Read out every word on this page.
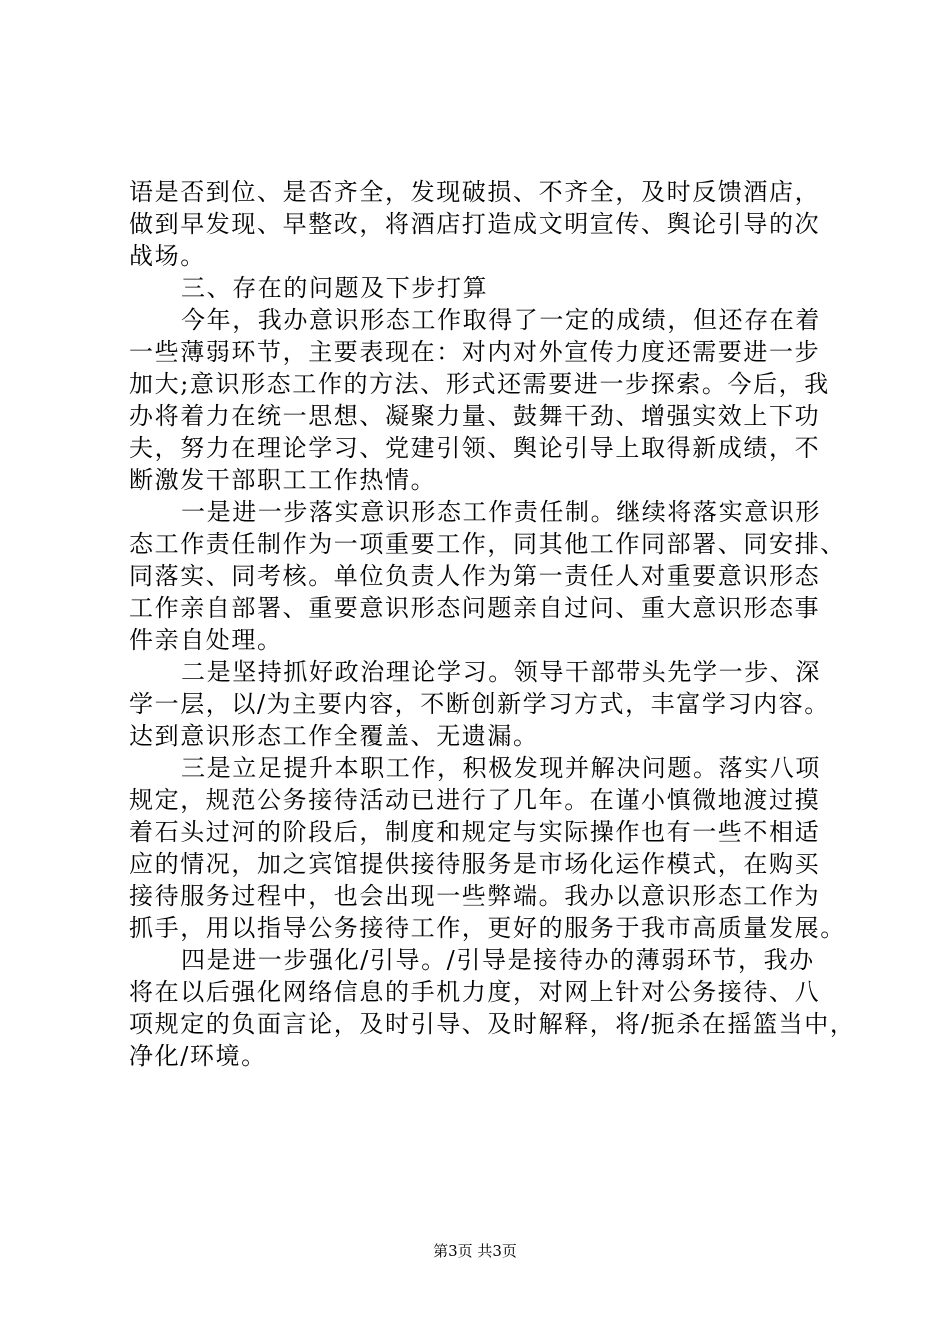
语是否到位、是否齐全，发现破损、不齐全，及时反馈酒店，
做到早发现、早整改，将酒店打造成文明宣传、舆论引导的次
战场。
三、存在的问题及下步打算
今年，我办意识形态工作取得了一定的成绩，但还存在着
一些薄弱环节，主要表现在：对内对外宣传力度还需要进一步
加大;意识形态工作的方法、形式还需要进一步探索。今后，我
办将着力在统一思想、凝聚力量、鼓舞干劲、增强实效上下功
夫，努力在理论学习、党建引领、舆论引导上取得新成绩，不
断激发干部职工工作热情。
一是进一步落实意识形态工作责任制。继续将落实意识形
态工作责任制作为一项重要工作，同其他工作同部署、同安排、
同落实、同考核。单位负责人作为第一责任人对重要意识形态
工作亲自部署、重要意识形态问题亲自过问、重大意识形态事
件亲自处理。
二是坚持抓好政治理论学习。领导干部带头先学一步、深
学一层，以/为主要内容，不断创新学习方式，丰富学习内容。
达到意识形态工作全覆盖、无遗漏。
三是立足提升本职工作，积极发现并解决问题。落实八项
规定，规范公务接待活动已进行了几年。在谨小慎微地渡过摸
着石头过河的阶段后，制度和规定与实际操作也有一些不相适
应的情况，加之宾馆提供接待服务是市场化运作模式，在购买
接待服务过程中，也会出现一些弊端。我办以意识形态工作为
抓手，用以指导公务接待工作，更好的服务于我市高质量发展。
四是进一步强化/引导。/引导是接待办的薄弱环节，我办
将在以后强化网络信息的手机力度，对网上针对公务接待、八
项规定的负面言论，及时引导、及时解释，将/扼杀在摇篮当中，
净化/环境。
第3页 共3页
